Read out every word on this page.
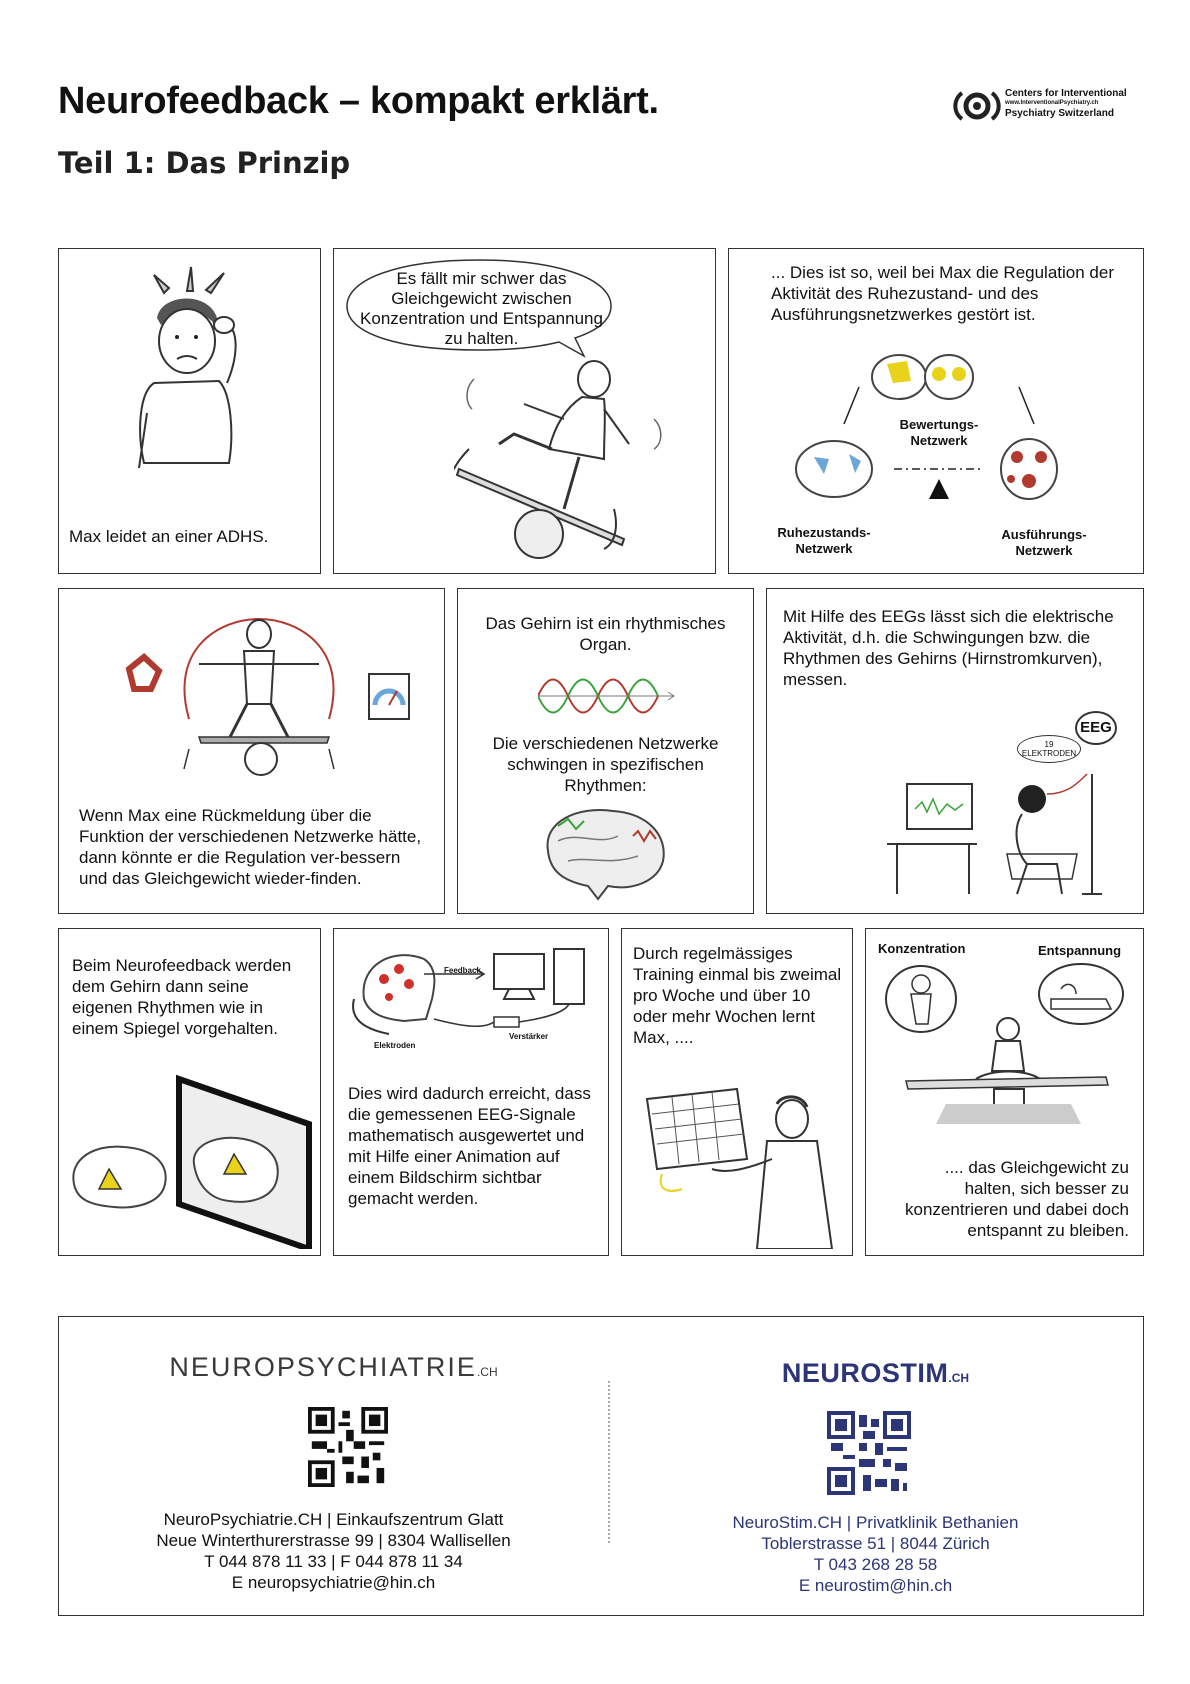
Neurofeedback – kompakt erklärt.
Teil 1: Das Prinzip
Centers for Interventional
www.InterventionalPsychiatry.ch
Psychiatry Switzerland
Max leidet an einer ADHS.
Es fällt mir schwer das Gleichgewicht zwischen Konzentration und Entspannung zu halten.
... Dies ist so, weil bei Max die Regulation der Aktivität des Ruhezustand- und des Ausführungsnetzwerkes gestört ist.
Bewertungs-
Netzwerk
Ruhezustands-
Netzwerk
Ausführungs-
Netzwerk
Wenn Max eine Rückmeldung über die Funktion der verschiedenen Netzwerke hätte, dann könnte er die Regulation ver-bessern und das Gleichgewicht wieder-finden.
Das Gehirn ist ein rhythmisches Organ.
Die verschiedenen Netzwerke schwingen in spezifischen Rhythmen:
Mit Hilfe des EEGs lässt sich die elektrische Aktivität, d.h. die Schwingungen bzw. die Rhythmen des Gehirns (Hirnstromkurven), messen.
EEG
19 ELEKTRODEN
Beim Neurofeedback werden dem Gehirn dann seine eigenen Rhythmen wie in einem Spiegel vorgehalten.
Feedback
Elektroden
Verstärker
Dies wird dadurch erreicht, dass die gemessenen EEG-Signale mathematisch ausgewertet und mit Hilfe einer Animation auf einem Bildschirm sichtbar gemacht werden.
Durch regelmässiges Training einmal bis zweimal pro Woche und über 10 oder mehr Wochen lernt Max, ....
Konzentration	Entspannung
.... das Gleichgewicht zu halten, sich besser zu konzentrieren und dabei doch entspannt zu bleiben.
NEUROPSYCHIATRIE.CH
NeuroPsychiatrie.CH | Einkaufszentrum Glatt
Neue Winterthurerstrasse 99 | 8304 Wallisellen
T 044 878 11 33 | F 044 878 11 34
E neuropsychiatrie@hin.ch
NEUROSTIM.CH
NeuroStim.CH | Privatklinik Bethanien
Toblerstrasse 51 | 8044 Zürich
T 043 268 28 58
E neurostim@hin.ch
